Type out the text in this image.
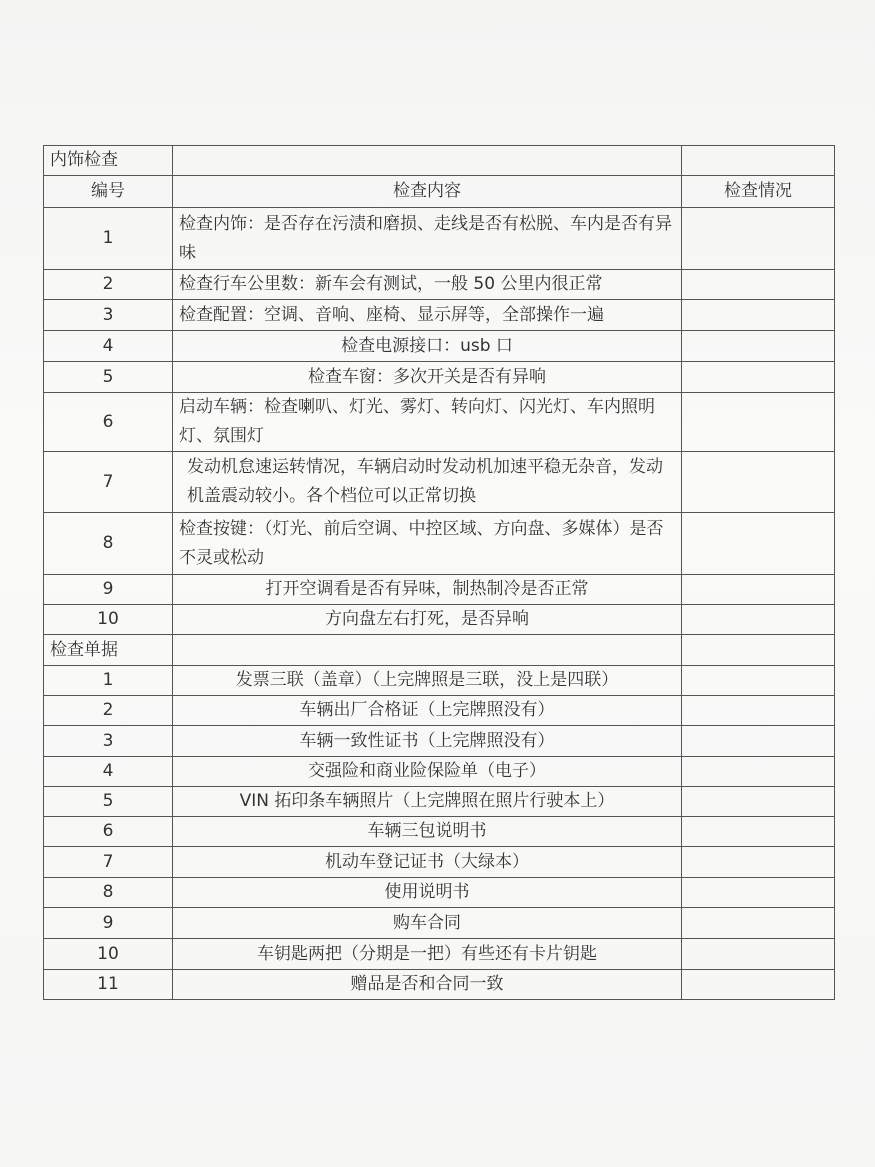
内饰检查		
编号	检查内容	检查情况
1	检查内饰：是否存在污渍和磨损、走线是否有松脱、车内是否有异味	
2	检查行车公里数：新车会有测试，一般 50 公里内很正常	
3	检查配置：空调、音响、座椅、显示屏等，全部操作一遍	
4	检查电源接口：usb 口	
5	检查车窗：多次开关是否有异响	
6	启动车辆：检查喇叭、灯光、雾灯、转向灯、闪光灯、车内照明灯、氛围灯	
7	发动机怠速运转情况，车辆启动时发动机加速平稳无杂音，发动机盖震动较小。各个档位可以正常切换	
8	检查按键：（灯光、前后空调、中控区域、方向盘、多媒体）是否不灵或松动	
9	打开空调看是否有异味，制热制冷是否正常	
10	方向盘左右打死，是否异响	
检查单据		
1	发票三联（盖章）（上完牌照是三联，没上是四联）	
2	车辆出厂合格证（上完牌照没有）	
3	车辆一致性证书（上完牌照没有）	
4	交强险和商业险保险单（电子）	
5	VIN 拓印条车辆照片（上完牌照在照片行驶本上）	
6	车辆三包说明书	
7	机动车登记证书（大绿本）	
8	使用说明书	
9	购车合同	
10	车钥匙两把（分期是一把）有些还有卡片钥匙	
11	赠品是否和合同一致	
